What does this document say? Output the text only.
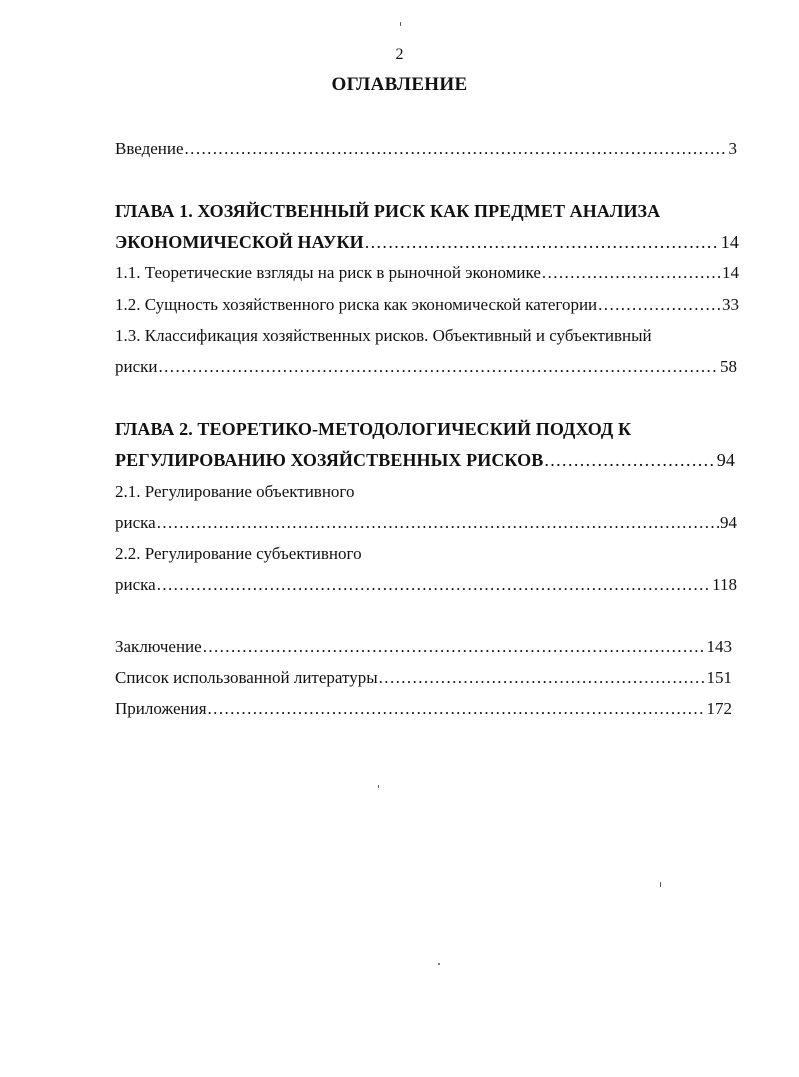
2
ОГЛАВЛЕНИЕ
Введение .....	3
ГЛАВА 1. ХОЗЯЙСТВЕННЫЙ РИСК КАК ПРЕДМЕТ АНАЛИЗА
ЭКОНОМИЧЕСКОЙ НАУКИ .....	14
1.1. Теоретические взгляды на риск в рыночной экономике .....	14
1.2. Сущность хозяйственного риска как экономической категории .....	33
1.3. Классификация хозяйственных рисков. Объективный и субъективный
риски .....	58
ГЛАВА 2. ТЕОРЕТИКО-МЕТОДОЛОГИЧЕСКИЙ ПОДХОД К
РЕГУЛИРОВАНИЮ ХОЗЯЙСТВЕННЫХ РИСКОВ .....	94
2.1. Регулирование объективного
риска .....	94
2.2. Регулирование субъективного
риска .....	118
Заключение .....	143
Список использованной литературы .....	151
Приложения .....	172
